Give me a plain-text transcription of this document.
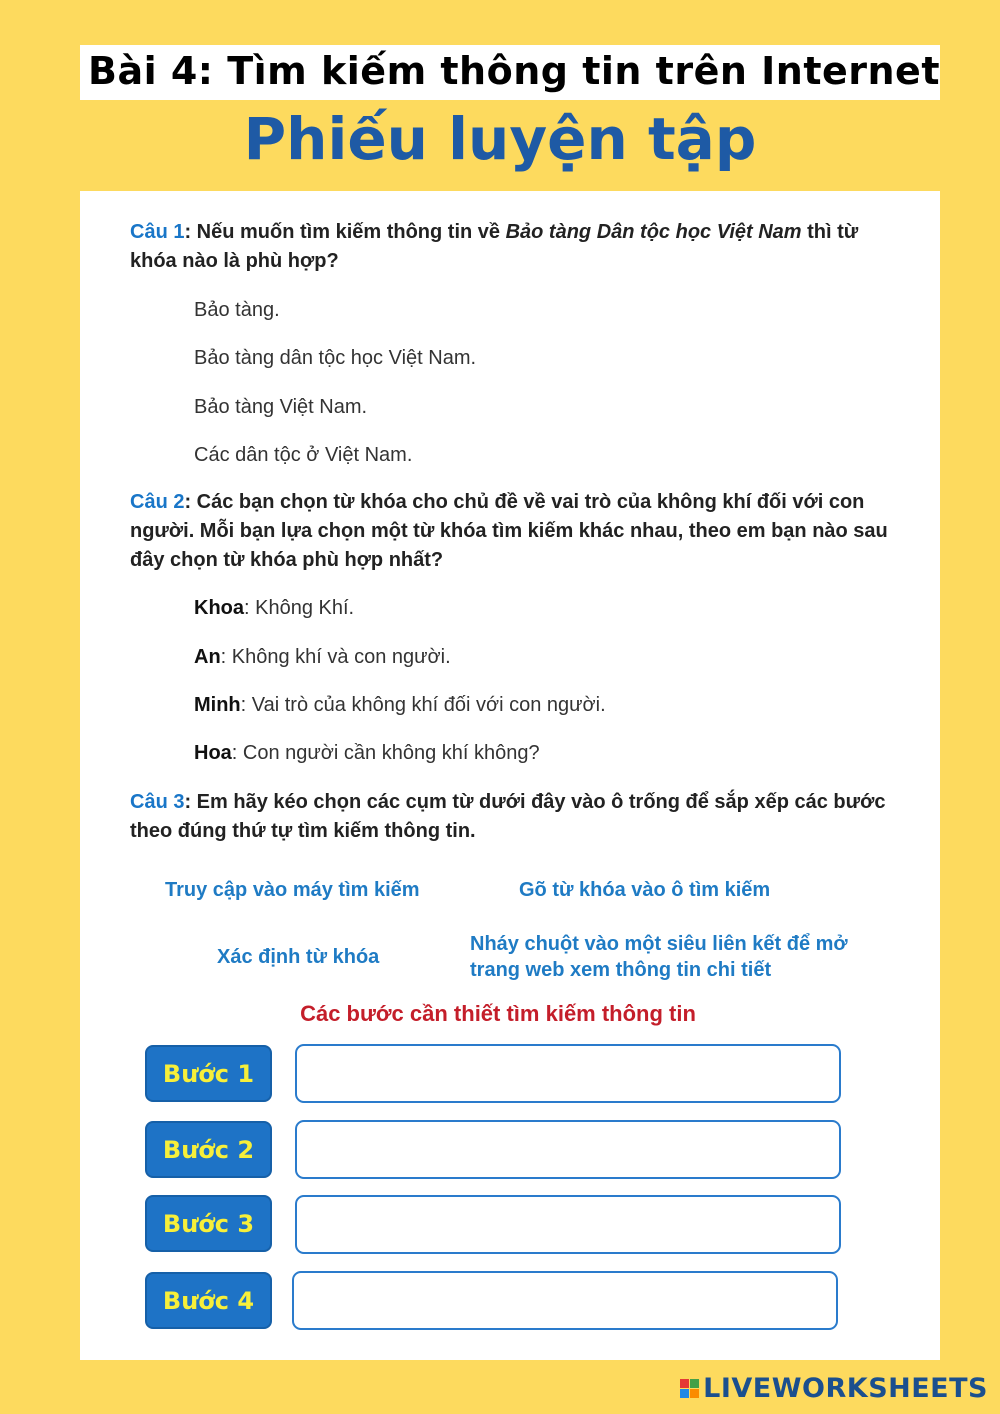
Bài 4: Tìm kiếm thông tin trên Internet
Phiếu luyện tập
Câu 1: Nếu muốn tìm kiếm thông tin về Bảo tàng Dân tộc học Việt Nam thì từ khóa nào là phù hợp?
Bảo tàng.
Bảo tàng dân tộc học Việt Nam.
Bảo tàng Việt Nam.
Các dân tộc ở Việt Nam.
Câu 2: Các bạn chọn từ khóa cho chủ đề về vai trò của không khí đối với con người. Mỗi bạn lựa chọn một từ khóa tìm kiếm khác nhau, theo em bạn nào sau đây chọn từ khóa phù hợp nhất?
Khoa: Không Khí.
An: Không khí và con người.
Minh: Vai trò của không khí đối với con người.
Hoa: Con người cần không khí không?
Câu 3: Em hãy kéo chọn các cụm từ dưới đây vào ô trống để sắp xếp các bước theo đúng thứ tự tìm kiếm thông tin.
Truy cập vào máy tìm kiếm	Gõ từ khóa vào ô tìm kiếm
Xác định từ khóa
Nháy chuột vào một siêu liên kết để mở trang web xem thông tin chi tiết
Các bước cần thiết tìm kiếm thông tin
Bước 1
Bước 2
Bước 3
Bước 4
LIVEWORKSHEETS
